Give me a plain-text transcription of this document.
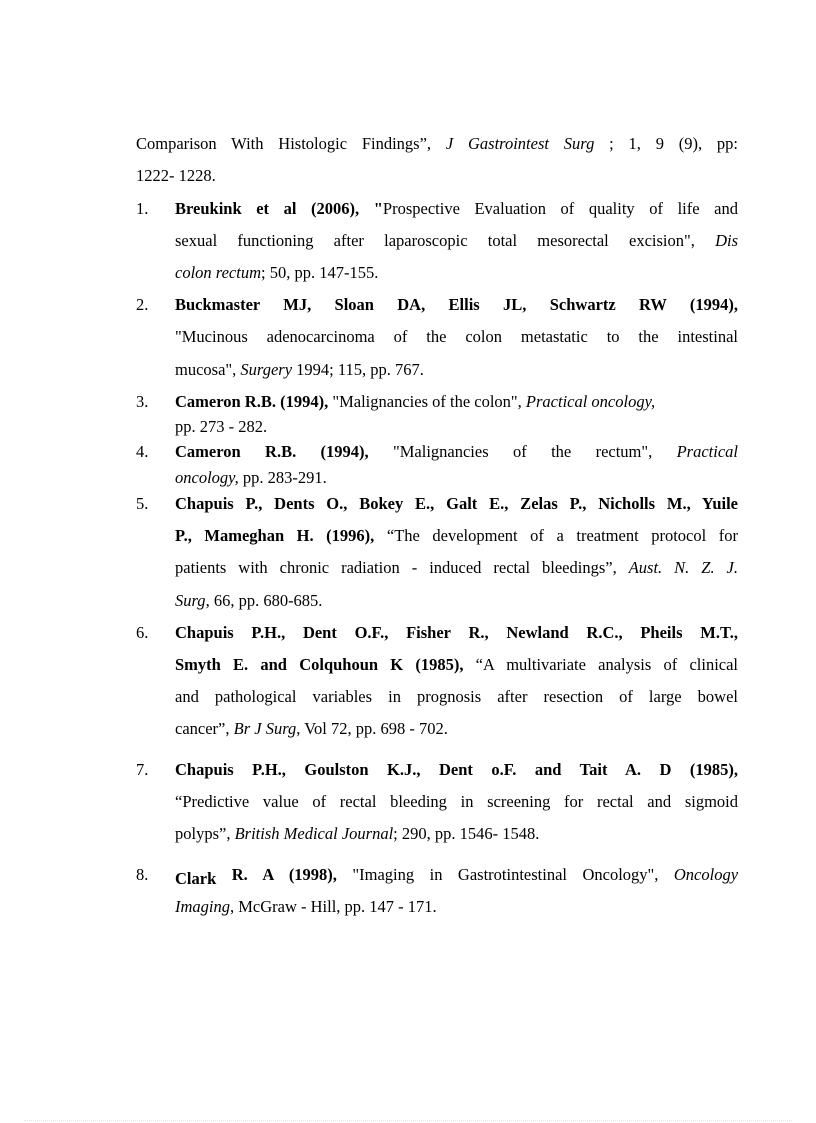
Comparison With Histologic Findings”, J Gastrointest Surg ; 1, 9 (9), pp:
1222- 1228.
1. Breukink et al (2006), "Prospective Evaluation of quality of life and
sexual functioning after laparoscopic total mesorectal excision", Dis
colon rectum; 50, pp. 147-155.
2. Buckmaster MJ, Sloan DA, Ellis JL, Schwartz RW (1994),
"Mucinous adenocarcinoma of the colon metastatic to the intestinal
mucosa", Surgery 1994; 115, pp. 767.
3. Cameron R.B. (1994), "Malignancies of the colon", Practical oncology,
pp. 273 - 282.
4. Cameron R.B. (1994), "Malignancies of the rectum", Practical
oncology, pp. 283-291.
5. Chapuis P., Dents O., Bokey E., Galt E., Zelas P., Nicholls M., Yuile
P., Mameghan H. (1996), “The development of a treatment protocol for
patients with chronic radiation - induced rectal bleedings”, Aust. N. Z. J.
Surg, 66, pp. 680-685.
6. Chapuis P.H., Dent O.F., Fisher R., Newland R.C., Pheils M.T.,
Smyth E. and Colquhoun K (1985), “A multivariate analysis of clinical
and pathological variables in prognosis after resection of large bowel
cancer”, Br J Surg, Vol 72, pp. 698 - 702.
7. Chapuis P.H., Goulston K.J., Dent o.F. and Tait A. D (1985),
“Predictive value of rectal bleeding in screening for rectal and sigmoid
polyps”, British Medical Journal; 290, pp. 1546- 1548.
8. Clark R. A (1998), "Imaging in Gastrotintestinal Oncology", Oncology
Imaging, McGraw - Hill, pp. 147 - 171.
